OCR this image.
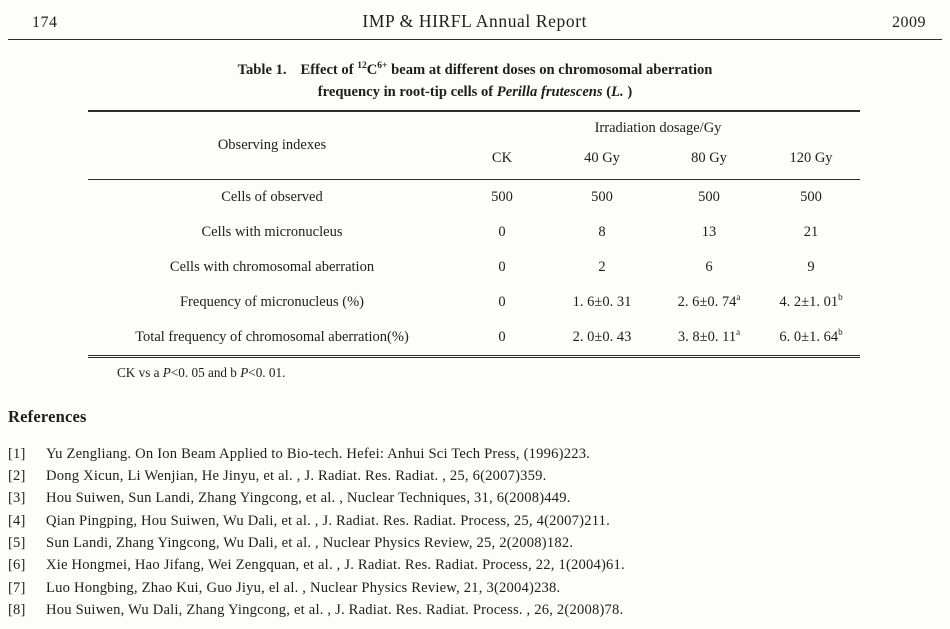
174	IMP & HIRFL Annual Report	2009
Table 1. Effect of $^{12}C^{6+}$ beam at different doses on chromosomal aberration
frequency in root-tip cells of Perilla frutescens (L. )
Observing indexes
Irradiation dosage/Gy
CK	40 Gy	80 Gy	120 Gy
Cells of observed	500	500	500	500
Cells with micronucleus	0	8	13	21
Cells with chromosomal aberration	0	2	6	9
Frequency of micronucleus (%)	0	1. 6±0. 31	2. 6±0. 74$^a$	4. 2±1. 01$^b$
Total frequency of chromosomal aberration(%)	0	2. 0±0. 43	3. 8±0. 11$^a$	6. 0±1. 64$^b$
CK vs a P<0. 05 and b P<0. 01.
References
[1]	Yu Zengliang. On Ion Beam Applied to Bio-tech. Hefei: Anhui Sci Tech Press, (1996)223.
[2]	Dong Xicun, Li Wenjian, He Jinyu, et al. , J. Radiat. Res. Radiat. , 25, 6(2007)359.
[3]	Hou Suiwen, Sun Landi, Zhang Yingcong, et al. , Nuclear Techniques, 31, 6(2008)449.
[4]	Qian Pingping, Hou Suiwen, Wu Dali, et al. , J. Radiat. Res. Radiat. Process, 25, 4(2007)211.
[5]	Sun Landi, Zhang Yingcong, Wu Dali, et al. , Nuclear Physics Review, 25, 2(2008)182.
[6]	Xie Hongmei, Hao Jifang, Wei Zengquan, et al. , J. Radiat. Res. Radiat. Process, 22, 1(2004)61.
[7]	Luo Hongbing, Zhao Kui, Guo Jiyu, el al. , Nuclear Physics Review, 21, 3(2004)238.
[8]	Hou Suiwen, Wu Dali, Zhang Yingcong, et al. , J. Radiat. Res. Radiat. Process. , 26, 2(2008)78.
